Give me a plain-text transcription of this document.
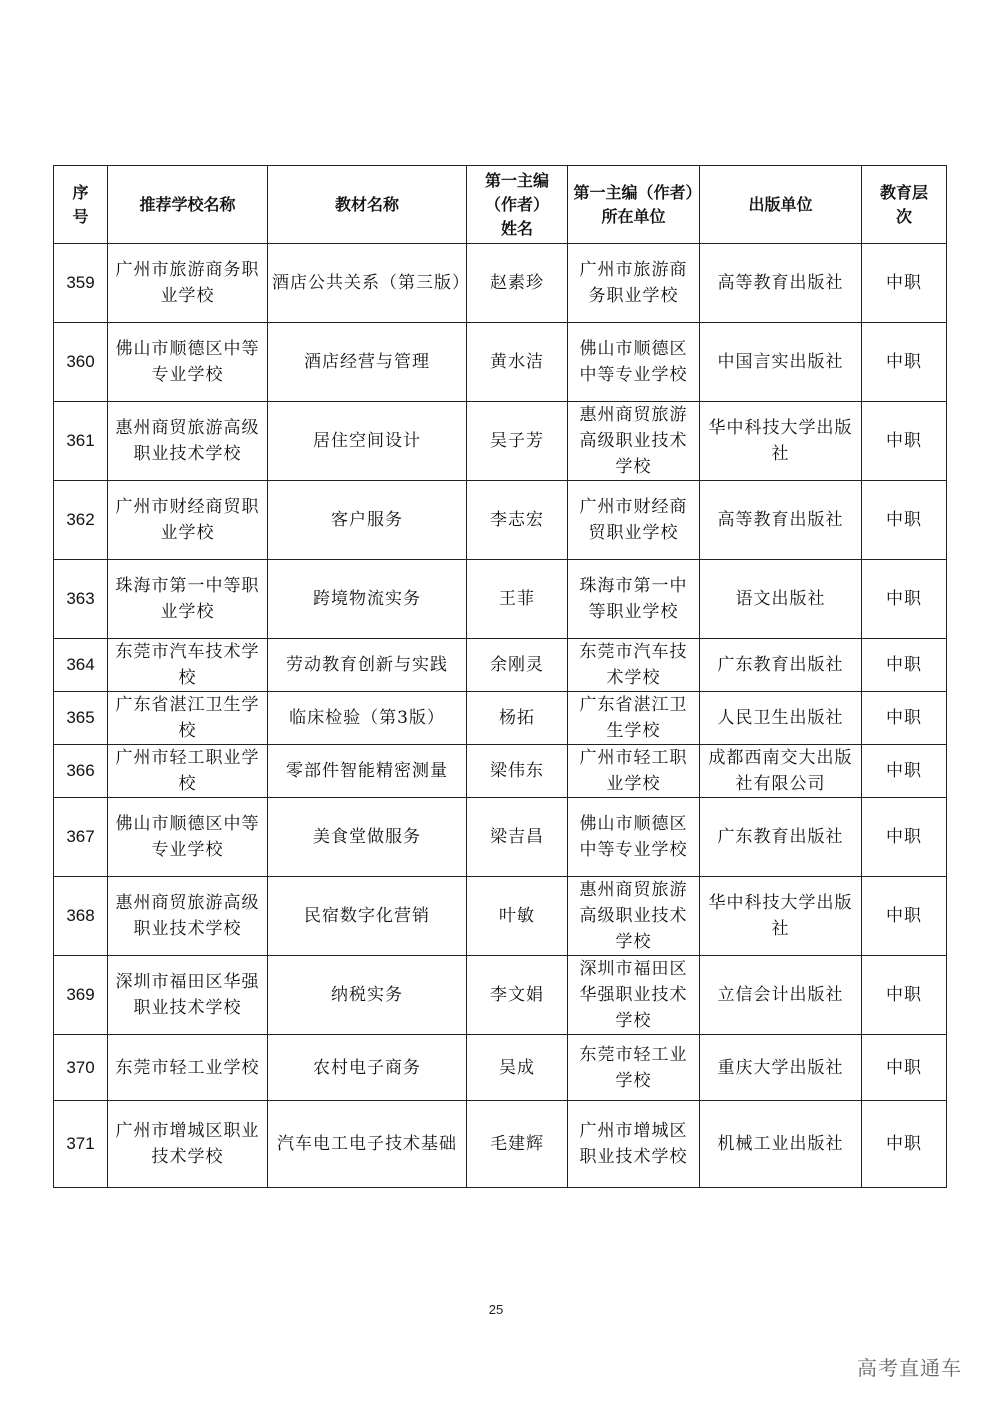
序号	推荐学校名称	教材名称	第一主编（作者）姓名	第一主编（作者）所在单位	出版单位	教育层次
359	广州市旅游商务职业学校	酒店公共关系（第三版）	赵素珍	广州市旅游商务职业学校	高等教育出版社	中职
360	佛山市顺德区中等专业学校	酒店经营与管理	黄水洁	佛山市顺德区中等专业学校	中国言实出版社	中职
361	惠州商贸旅游高级职业技术学校	居住空间设计	吴子芳	惠州商贸旅游高级职业技术学校	华中科技大学出版社	中职
362	广州市财经商贸职业学校	客户服务	李志宏	广州市财经商贸职业学校	高等教育出版社	中职
363	珠海市第一中等职业学校	跨境物流实务	王菲	珠海市第一中等职业学校	语文出版社	中职
364	东莞市汽车技术学校	劳动教育创新与实践	余刚灵	东莞市汽车技术学校	广东教育出版社	中职
365	广东省湛江卫生学校	临床检验（第3版）	杨拓	广东省湛江卫生学校	人民卫生出版社	中职
366	广州市轻工职业学校	零部件智能精密测量	梁伟东	广州市轻工职业学校	成都西南交大出版社有限公司	中职
367	佛山市顺德区中等专业学校	美食堂做服务	梁吉昌	佛山市顺德区中等专业学校	广东教育出版社	中职
368	惠州商贸旅游高级职业技术学校	民宿数字化营销	叶敏	惠州商贸旅游高级职业技术学校	华中科技大学出版社	中职
369	深圳市福田区华强职业技术学校	纳税实务	李文娟	深圳市福田区华强职业技术学校	立信会计出版社	中职
370	东莞市轻工业学校	农村电子商务	吴成	东莞市轻工业学校	重庆大学出版社	中职
371	广州市增城区职业技术学校	汽车电工电子技术基础	毛建辉	广州市增城区职业技术学校	机械工业出版社	中职
25
高考直通车
